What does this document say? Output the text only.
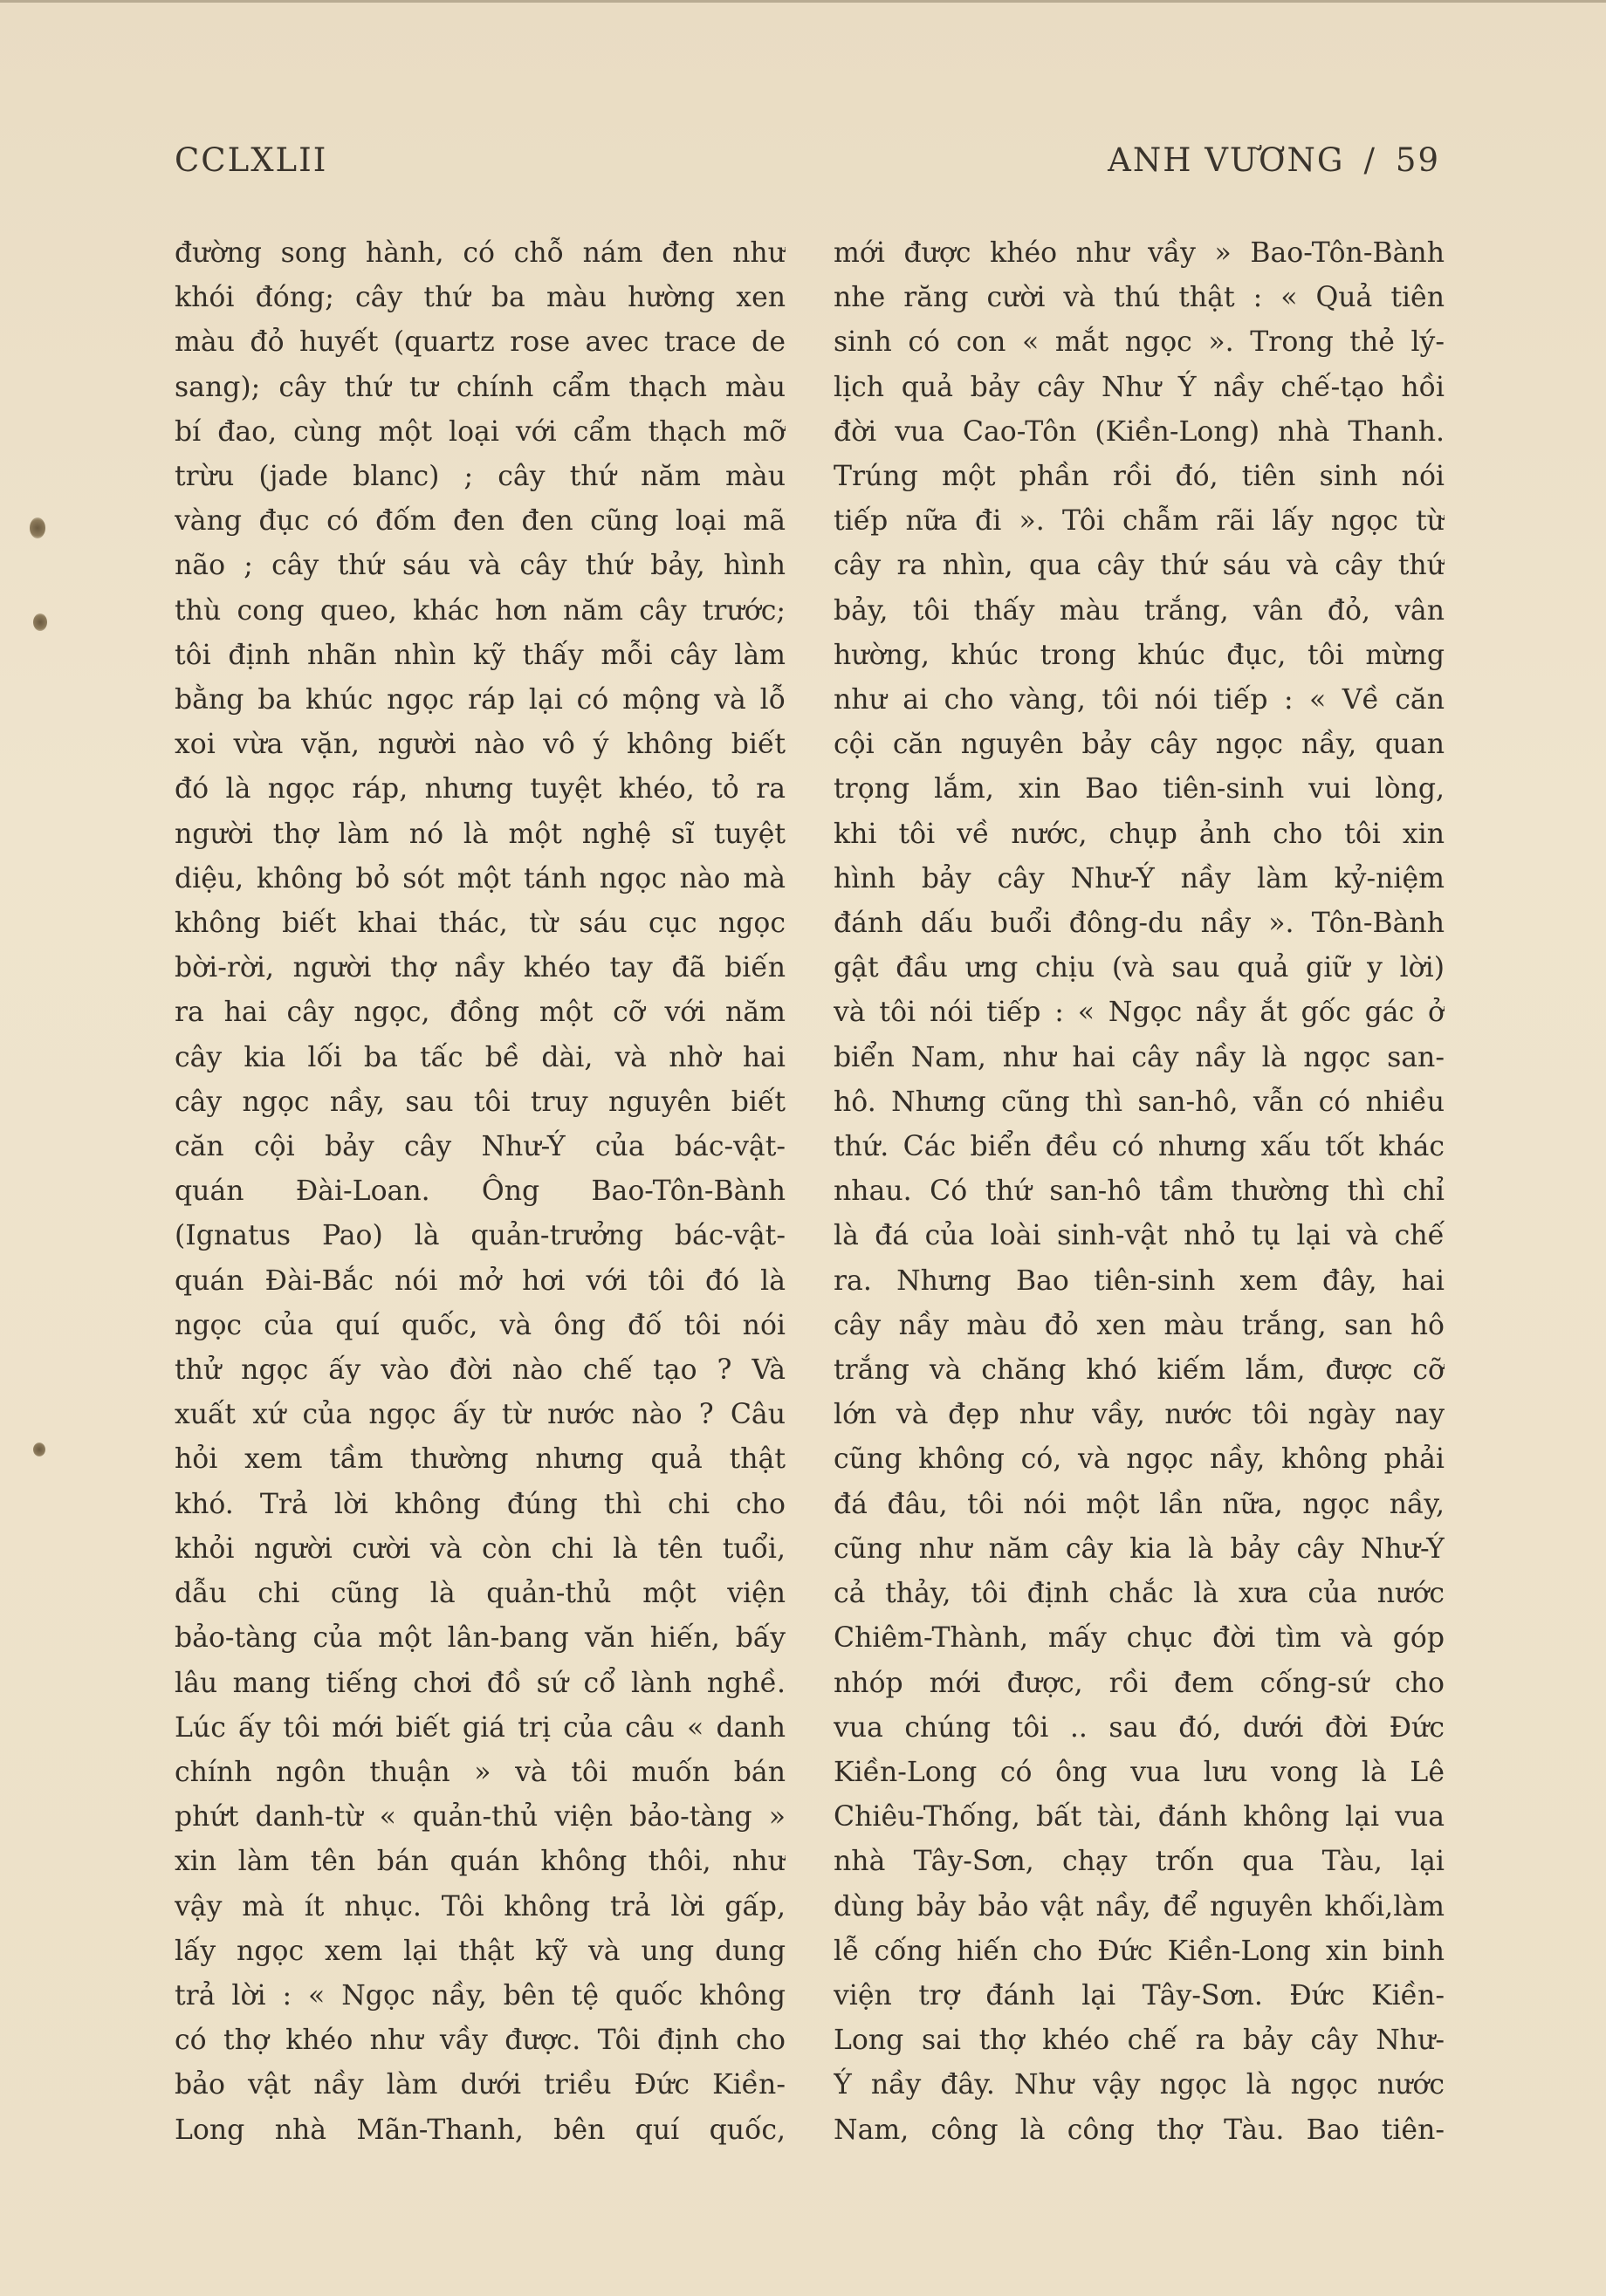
CCLXLII	ANH VƯƠNG / 59
đường song hành, có chỗ nám đen như
khói đóng; cây thứ ba màu hường xen
màu đỏ huyết (quartz rose avec trace de
sang); cây thứ tư chính cẩm thạch màu
bí đao, cùng một loại với cẩm thạch mỡ
trừu (jade blanc) ; cây thứ năm màu
vàng đục có đốm đen đen cũng loại mã
não ; cây thứ sáu và cây thứ bảy, hình
thù cong queo, khác hơn năm cây trước;
tôi định nhãn nhìn kỹ thấy mỗi cây làm
bằng ba khúc ngọc ráp lại có mộng và lỗ
xoi vừa vặn, người nào vô ý không biết
đó là ngọc ráp, nhưng tuyệt khéo, tỏ ra
người thợ làm nó là một nghệ sĩ tuyệt
diệu, không bỏ sót một tánh ngọc nào mà
không biết khai thác, từ sáu cục ngọc
bời-rời, người thợ nầy khéo tay đã biến
ra hai cây ngọc, đồng một cỡ với năm
cây kia lối ba tấc bề dài, và nhờ hai
cây ngọc nầy, sau tôi truy nguyên biết
căn cội bảy cây Như-Ý của bác-vật-
quán Đài-Loan. Ông Bao-Tôn-Bành
(Ignatus Pao) là quản-trưởng bác-vật-
quán Đài-Bắc nói mở hơi với tôi đó là
ngọc của quí quốc, và ông đố tôi nói
thử ngọc ấy vào đời nào chế tạo ? Và
xuất xứ của ngọc ấy từ nước nào ? Câu
hỏi xem tầm thường nhưng quả thật
khó. Trả lời không đúng thì chi cho
khỏi người cười và còn chi là tên tuổi,
dẫu chi cũng là quản-thủ một viện
bảo-tàng của một lân-bang văn hiến, bấy
lâu mang tiếng chơi đồ sứ cổ lành nghề.
Lúc ấy tôi mới biết giá trị của câu « danh
chính ngôn thuận » và tôi muốn bán
phứt danh-từ « quản-thủ viện bảo-tàng »
xin làm tên bán quán không thôi, như
vậy mà ít nhục. Tôi không trả lời gấp,
lấy ngọc xem lại thật kỹ và ung dung
trả lời : « Ngọc nầy, bên tệ quốc không
có thợ khéo như vầy được. Tôi định cho
bảo vật nầy làm dưới triều Đức Kiền-
Long nhà Mãn-Thanh, bên quí quốc,
mới được khéo như vầy » Bao-Tôn-Bành
nhe răng cười và thú thật : « Quả tiên
sinh có con « mắt ngọc ». Trong thẻ lý-
lịch quả bảy cây Như Ý nầy chế-tạo hồi
đời vua Cao-Tôn (Kiền-Long) nhà Thanh.
Trúng một phần rồi đó, tiên sinh nói
tiếp nữa đi ». Tôi chẫm rãi lấy ngọc từ
cây ra nhìn, qua cây thứ sáu và cây thứ
bảy, tôi thấy màu trắng, vân đỏ, vân
hường, khúc trong khúc đục, tôi mừng
như ai cho vàng, tôi nói tiếp : « Về căn
cội căn nguyên bảy cây ngọc nầy, quan
trọng lắm, xin Bao tiên-sinh vui lòng,
khi tôi về nước, chụp ảnh cho tôi xin
hình bảy cây Như-Ý nầy làm kỷ-niệm
đánh dấu buổi đông-du nầy ». Tôn-Bành
gật đầu ưng chịu (và sau quả giữ y lời)
và tôi nói tiếp : « Ngọc nầy ắt gốc gác ở
biển Nam, như hai cây nầy là ngọc san-
hô. Nhưng cũng thì san-hô, vẫn có nhiều
thứ. Các biển đều có nhưng xấu tốt khác
nhau. Có thứ san-hô tầm thường thì chỉ
là đá của loài sinh-vật nhỏ tụ lại và chế
ra. Nhưng Bao tiên-sinh xem đây, hai
cây nầy màu đỏ xen màu trắng, san hô
trắng và chăng khó kiếm lắm, được cỡ
lớn và đẹp như vầy, nước tôi ngày nay
cũng không có, và ngọc nầy, không phải
đá đâu, tôi nói một lần nữa, ngọc nầy,
cũng như năm cây kia là bảy cây Như-Ý
cả thảy, tôi định chắc là xưa của nước
Chiêm-Thành, mấy chục đời tìm và góp
nhóp mới được, rồi đem cống-sứ cho
vua chúng tôi .. sau đó, dưới đời Đức
Kiền-Long có ông vua lưu vong là Lê
Chiêu-Thống, bất tài, đánh không lại vua
nhà Tây-Sơn, chạy trốn qua Tàu, lại
dùng bảy bảo vật nầy, để nguyên khối,làm
lễ cống hiến cho Đức Kiền-Long xin binh
viện trợ đánh lại Tây-Sơn. Đức Kiền-
Long sai thợ khéo chế ra bảy cây Như-
Ý nầy đây. Như vậy ngọc là ngọc nước
Nam, công là công thợ Tàu. Bao tiên-
